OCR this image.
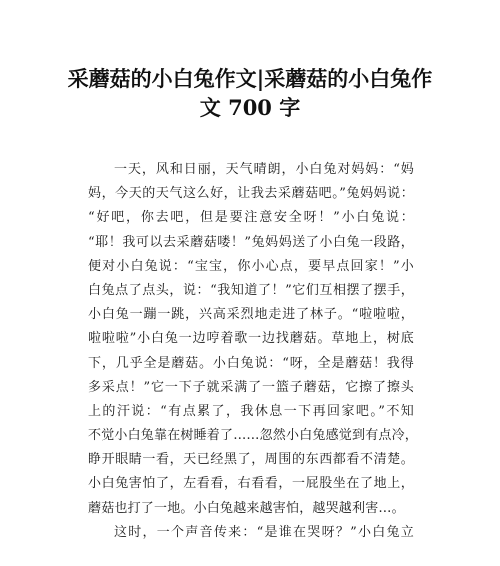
采蘑菇的小白兔作文|采蘑菇的小白兔作
文 700 字
一天，风和日丽，天气晴朗，小白兔对妈妈：“妈
妈，今天的天气这么好，让我去采蘑菇吧。”兔妈妈说：
“好吧，你去吧，但是要注意安全呀！”小白兔说：
“耶！我可以去采蘑菇喽！”兔妈妈送了小白兔一段路，
便对小白兔说：“宝宝，你小心点，要早点回家！”小
白兔点了点头，说：“我知道了！”它们互相摆了摆手，
小白兔一蹦一跳，兴高采烈地走进了林子。“啦啦啦，
啦啦啦”小白兔一边哼着歌一边找蘑菇。草地上，树底
下，几乎全是蘑菇。小白兔说：“呀，全是蘑菇！我得
多采点！”它一下子就采满了一篮子蘑菇，它擦了擦头
上的汗说：“有点累了，我休息一下再回家吧。”不知
不觉小白兔靠在树睡着了……忽然小白兔感觉到有点冷，
睁开眼睛一看，天已经黑了，周围的东西都看不清楚。
小白兔害怕了，左看看，右看看，一屁股坐在了地上，
蘑菇也打了一地。小白兔越来越害怕，越哭越利害…。
这时，一个声音传来：“是谁在哭呀？”小白兔立
